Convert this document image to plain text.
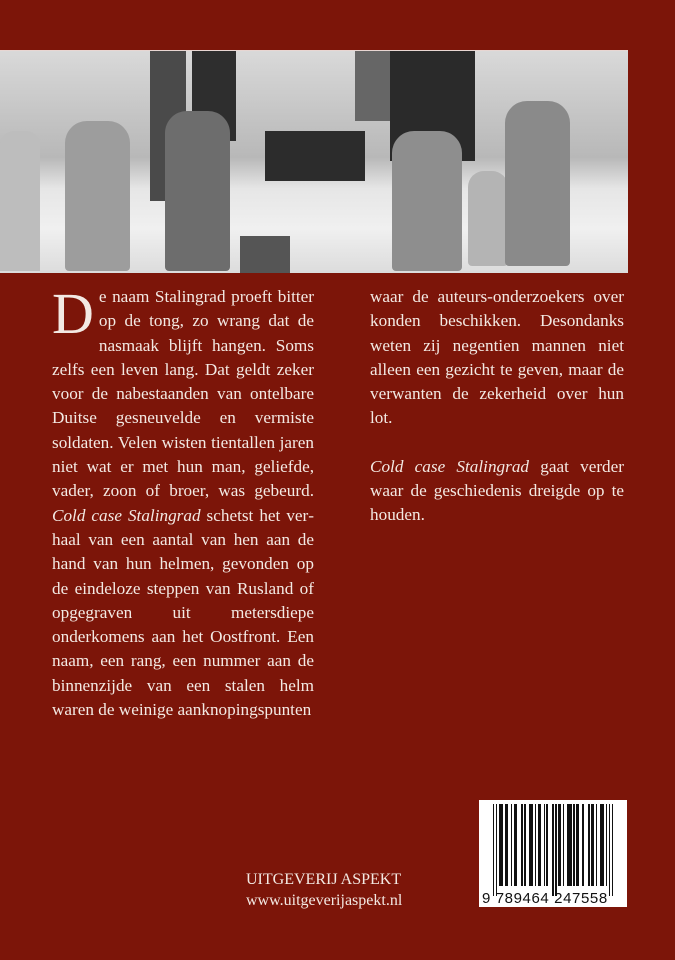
De naam Stalingrad proeft bitter op de tong, zo wrang dat de nasmaak blijft hangen. Soms zelfs een leven lang. Dat geldt zeker voor de nabestaanden van ontelbare Duitse gesneuvelde en vermiste soldaten. Velen wisten tientallen jaren niet wat er met hun man, geliefde, vader, zoon of broer, was gebeurd. Cold case Stalingrad schetst het verhaal van een aantal van hen aan de hand van hun helmen, gevonden op de eindeloze steppen van Rusland of opgegraven uit metersdiepe onderkomens aan het Oostfront. Een naam, een rang, een nummer aan de binnenzijde van een stalen helm waren de weinige aanknopingspunten

waar de auteurs-onderzoekers over konden beschikken. Desondanks weten zij negentien mannen niet alleen een gezicht te geven, maar de verwanten de zekerheid over hun lot.

Cold case Stalingrad gaat verder waar de geschiedenis dreigde op te houden.

UITGEVERIJ ASPEKT
www.uitgeverijaspekt.nl	9 789464 247558
